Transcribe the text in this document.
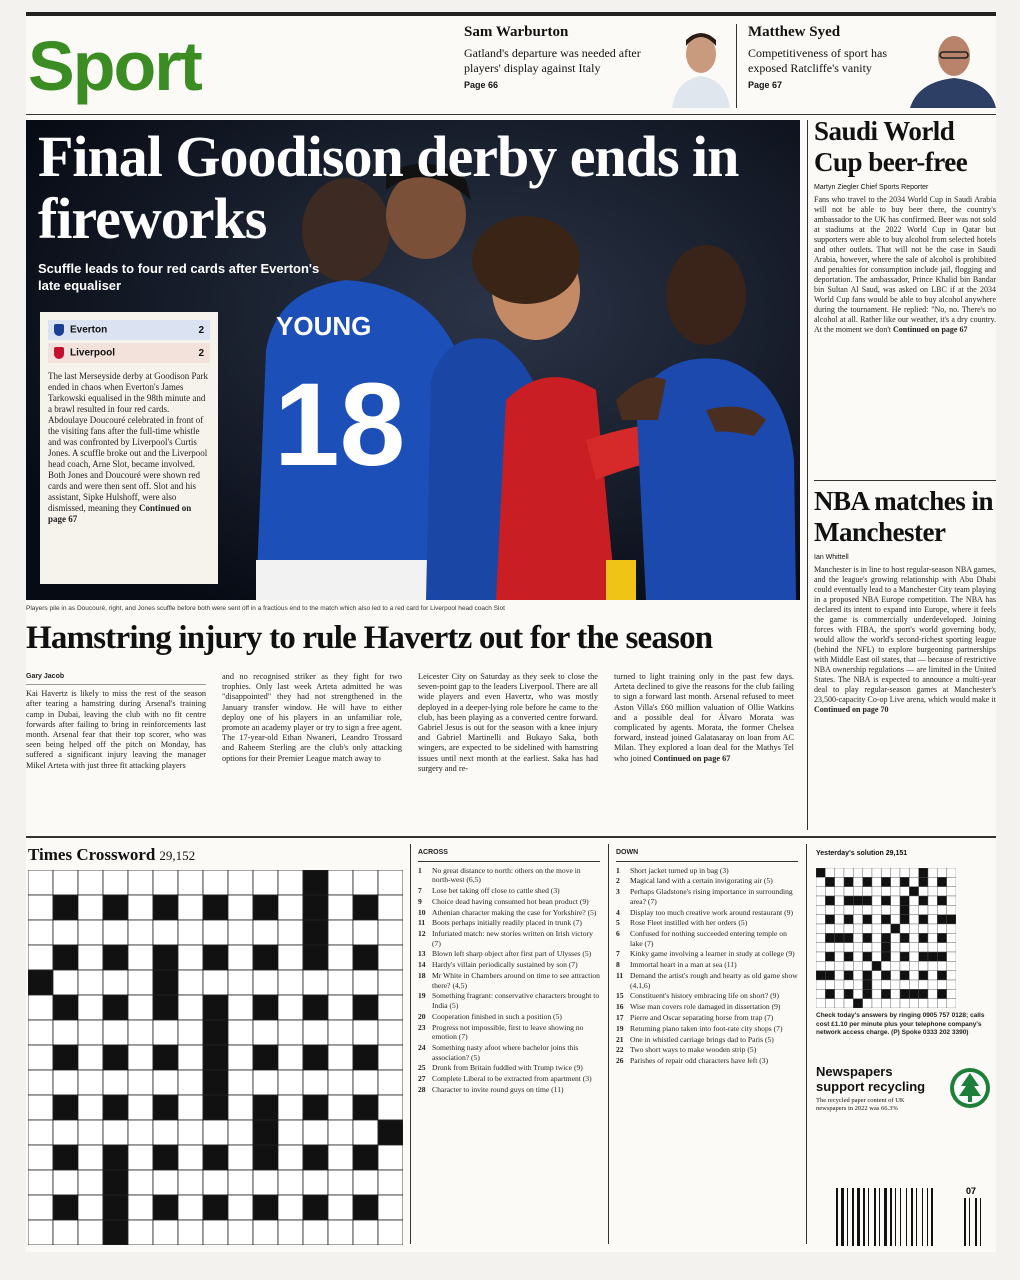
Sport	Sam Warburton
Gatland's departure was needed after players' display against Italy
Page 66
Matthew Syed
Competitiveness of sport has exposed Ratcliffe's vanity
Page 67
YOUNG
18
Final Goodison derby ends in fireworks
Scuffle leads to four red cards after Everton's late equaliser
Everton	2
Liverpool	2
The last Merseyside derby at Goodison Park ended in chaos when Everton's James Tarkowski equalised in the 98th minute and a brawl resulted in four red cards. Abdoulaye Doucouré celebrated in front of the visiting fans after the full-time whistle and was confronted by Liverpool's Curtis Jones. A scuffle broke out and the Liverpool head coach, Arne Slot, became involved. Both Jones and Doucouré were shown red cards and were then sent off. Slot and his assistant, Sipke Hulshoff, were also dismissed, meaning they Continued on page 67
Players pile in as Doucouré, right, and Jones scuffle before both were sent off in a fractious end to the match which also led to a red card for Liverpool head coach Slot
Saudi World Cup beer-free
Martyn Ziegler Chief Sports Reporter
Fans who travel to the 2034 World Cup in Saudi Arabia will not be able to buy beer there, the country's ambassador to the UK has confirmed. Beer was not sold at stadiums at the 2022 World Cup in Qatar but supporters were able to buy alcohol from selected hotels and other outlets. That will not be the case in Saudi Arabia, however, where the sale of alcohol is prohibited and penalties for consumption include jail, flogging and deportation. The ambassador, Prince Khalid bin Bandar bin Sultan Al Saud, was asked on LBC if at the 2034 World Cup fans would be able to buy alcohol anywhere during the tournament. He replied: "No, no. There's no alcohol at all. Rather like our weather, it's a dry country. At the moment we don't Continued on page 67
NBA matches in Manchester
Ian Whittell
Manchester is in line to host regular-season NBA games, and the league's growing relationship with Abu Dhabi could eventually lead to a Manchester City team playing in a proposed NBA Europe competition. The NBA has declared its intent to expand into Europe, where it feels the game is commercially underdeveloped. Joining forces with FIBA, the sport's world governing body, would allow the world's second-richest sporting league (behind the NFL) to explore burgeoning partnerships with Middle East oil states, that — because of restrictive NBA ownership regulations — are limited in the United States. The NBA is expected to announce a multi-year deal to play regular-season games at Manchester's 23,500-capacity Co-op Live arena, which would make it Continued on page 70
Hamstring injury to rule Havertz out for the season
Gary Jacob
Kai Havertz is likely to miss the rest of the season after tearing a hamstring during Arsenal's training camp in Dubai, leaving the club with no fit centre forwards after failing to bring in reinforcements last month. Arsenal fear that their top scorer, who was seen being helped off the pitch on Monday, has suffered a significant injury leaving the manager Mikel Arteta with just three fit attacking players
and no recognised striker as they fight for two trophies. Only last week Arteta admitted he was "disappointed" they had not strengthened in the January transfer window. He will have to either deploy one of his players in an unfamiliar role, promote an academy player or try to sign a free agent. The 17-year-old Ethan Nwaneri, Leandro Trossard and Raheem Sterling are the club's only attacking options for their Premier League match away to
Leicester City on Saturday as they seek to close the seven-point gap to the leaders Liverpool. There are all wide players and even Havertz, who was mostly deployed in a deeper-lying role before he came to the club, has been playing as a converted centre forward. Gabriel Jesus is out for the season with a knee injury and Gabriel Martinelli and Bukayo Saka, both wingers, are expected to be sidelined with hamstring issues until next month at the earliest. Saka has had surgery and re-
turned to light training only in the past few days. Arteta declined to give the reasons for the club failing to sign a forward last month. Arsenal refused to meet Aston Villa's £60 million valuation of Ollie Watkins and a possible deal for Álvaro Morata was complicated by agents. Morata, the former Chelsea forward, instead joined Galatasaray on loan from AC Milan. They explored a loan deal for the Mathys Tel who joined Continued on page 67
Times Crossword 29,152	ACROSS
1	No great distance to north: others on the move in north-west (6,5)
7	Lose bet taking off close to cattle shed (3)
9	Choice dead having consumed hot bean product (9)
10 Athenian character making the case for Yorkshire? (5)
11 Boots perhaps initially readily placed in trunk (7)
12 Infuriated match: new stories written on Irish victory (7)
13 Blown left sharp object after first part of Ulysses (5)
14 Hardy's villain periodically sustained by son (7)
18 Mr White in Chambers around on time to see attraction there? (4,5)
19 Something fragrant: conservative characters brought to India (5)
20 Cooperation finished in such a position (5)
23 Progress not impossible, first to leave showing no emotion (7)
24 Something nasty afoot where bachelor joins this association? (5)
25 Drunk from Britain fuddled with Trump twice (9)
27 Complete Liberal to be extracted from apartment (3)
28 Character to invite round guys on time (11)
DOWN
1	Short jacket turned up in bag (3)
2	Magical land with a certain invigorating air (5)
3	Perhaps Gladstone's rising importance in surrounding area? (7)
4	Display too much creative work around restaurant (9)
5	Rose Fleet instilled with her orders (5)
6	Confused for nothing succeeded entering temple on lake (7)
7	Kinky game involving a learner in study at college (9)
8	Immortal heart in a man at sea (11)
11 Demand the artist's rough and hearty as old game show (4,1,6)
15 Constituent's history embracing life on short? (9)
16 Wise man covers role damaged in dissertation (9)
17 Pierre and Oscar separating horse from trap (7)
19 Returning piano taken into foot-rate city shops (7)
21 One in whistled carriage brings dad to Paris (5)
22 Two short ways to make wooden strip (5)
26 Parishes of repair odd characters have left (3)
Yesterday's solution 29,151
Check today's answers by ringing 0905 757 0128; calls cost £1.10 per minute plus your telephone company's network access charge. (P) Spoke 0333 202 3390)
Newspapers support recycling
The recycled paper content of UK newspapers in 2022 was 66.3%
07
